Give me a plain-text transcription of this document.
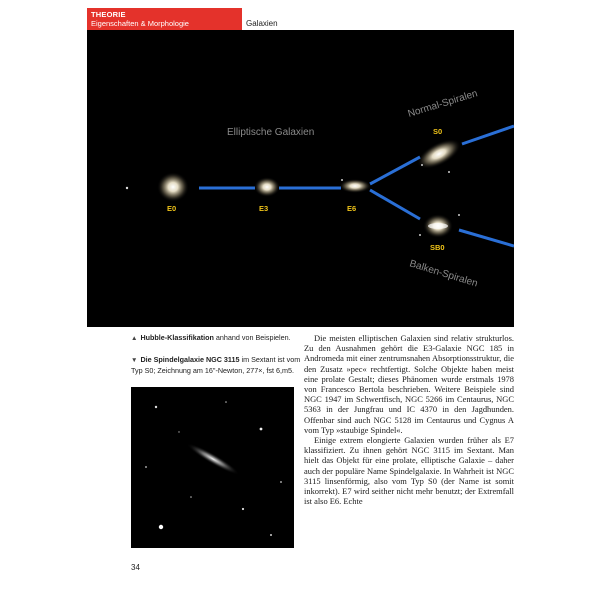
THEORIE
Eigenschaften & Morphologie	Galaxien
Elliptische Galaxien
Normal-Spiralen
Balken-Spiralen
E0	E3	E6
S0
SB0
▲ Hubble-Klassifikation anhand von Beispielen.
▼ Die Spindelgalaxie NGC 3115 im Sextant ist vom Typ S0; Zeichnung am 16"-Newton, 277×, fst 6,m5.
34

Die meisten elliptischen Galaxien sind relativ strukturlos. Zu den Ausnahmen gehört die E3-Galaxie NGC 185 in Andromeda mit einer zentrumsnahen Absorptionsstruktur, die den Zusatz »pec« rechtfertigt. Solche Objekte haben meist eine prolate Gestalt; dieses Phänomen wurde erstmals 1978 von Francesco Bertola beschrieben. Weitere Beispiele sind NGC 1947 im Schwertfisch, NGC 5266 im Centaurus, NGC 5363 in der Jungfrau und IC 4370 in den Jagdhunden. Offenbar sind auch NGC 5128 im Centaurus und Cygnus A vom Typ »staubige Spindel«.

Einige extrem elongierte Galaxien wurden früher als E7 klassifiziert. Zu ihnen gehört NGC 3115 im Sextant. Man hielt das Objekt für eine prolate, elliptische Galaxie – daher auch der populäre Name Spindelgalaxie. In Wahrheit ist NGC 3115 linsenförmig, also vom Typ S0 (der Name ist somit inkorrekt). E7 wird seither nicht mehr benutzt; der Extremfall ist also E6. Echte
